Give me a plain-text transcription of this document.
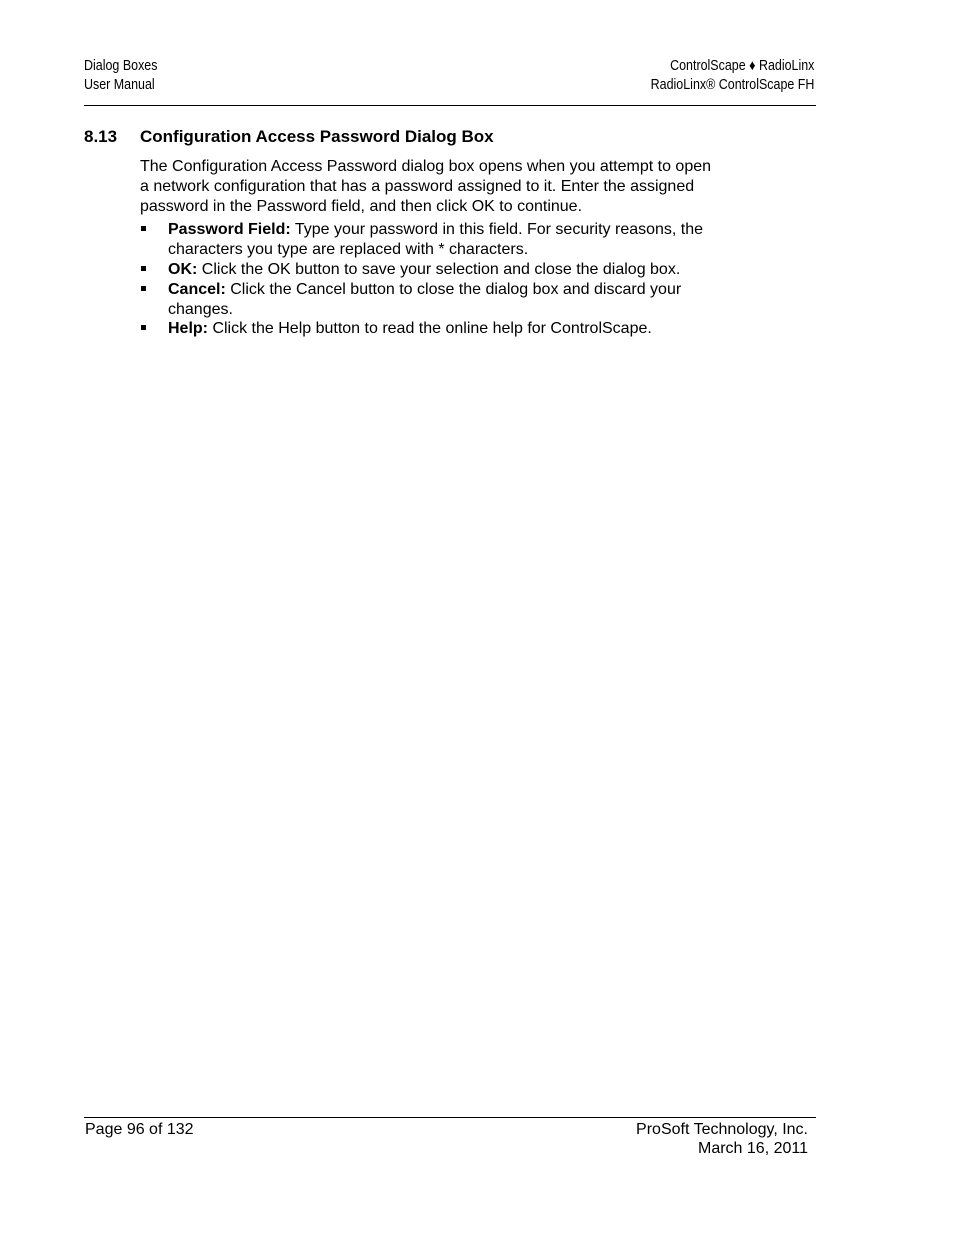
Dialog Boxes
User Manual
ControlScape ♦ RadioLinx
RadioLinx® ControlScape FH
8.13 Configuration Access Password Dialog Box

The Configuration Access Password dialog box opens when you attempt to open
a network configuration that has a password assigned to it. Enter the assigned
password in the Password field, and then click OK to continue.

Password Field: Type your password in this field. For security reasons, the
characters you type are replaced with * characters.
OK: Click the OK button to save your selection and close the dialog box.
Cancel: Click the Cancel button to close the dialog box and discard your
changes.
Help: Click the Help button to read the online help for ControlScape.
Page 96 of 132	ProSoft Technology, Inc.
March 16, 2011
